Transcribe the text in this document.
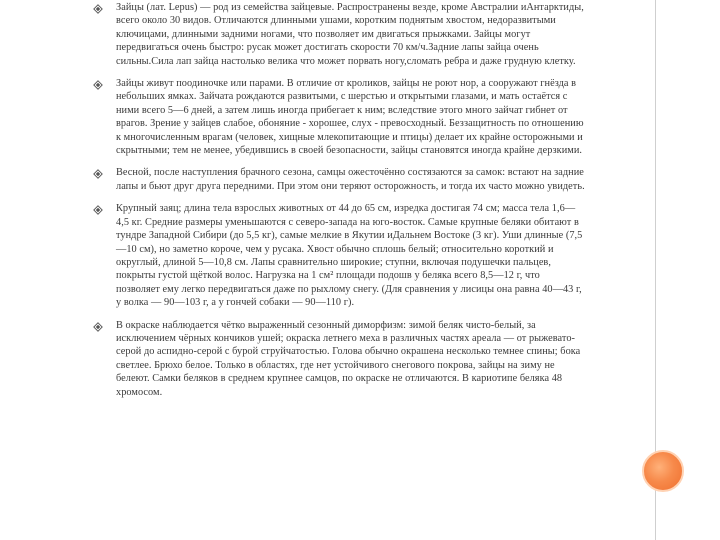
Зайцы (лат. Lepus) — род из семейства зайцевые. Распространены везде, кроме Австралии иАнтарктиды, всего около 30 видов. Отличаются длинными ушами, коротким поднятым хвостом, недоразвитыми ключицами, длинными задними ногами, что позволяет им двигаться прыжками. Зайцы могут передвигаться очень быстро: русак может достигать скорости 70 км/ч.Задние лапы зайца очень сильны.Сила лап зайца настолько велика что может порвать ногу,сломать ребра и даже грудную клетку.
Зайцы живут поодиночке или парами. В отличие от кроликов, зайцы не роют нор, а сооружают гнёзда в небольших ямках. Зайчата рождаются развитыми, с шерстью и открытыми глазами, и мать остаётся с ними всего 5—6 дней, а затем лишь иногда прибегает к ним; вследствие этого много зайчат гибнет от врагов. Зрение у зайцев слабое, обоняние - хорошее, слух - превосходный. Беззащитность по отношению к многочисленным врагам (человек, хищные млекопитающие и птицы) делает их крайне осторожными и скрытными; тем не менее, убедившись в своей безопасности, зайцы становятся иногда крайне дерзкими.
Весной, после наступления брачного сезона, самцы ожесточённо состязаются за самок: встают на задние лапы и бьют друг друга передними. При этом они теряют осторожность, и тогда их часто можно увидеть.
Крупный заяц; длина тела взрослых животных от 44 до 65 см, изредка достигая 74 см; масса тела 1,6—4,5 кг. Средние размеры уменьшаются с северо-запада на юго-восток. Самые крупные беляки обитают в тундре Западной Сибири (до 5,5 кг), самые мелкие в Якутии иДальнем Востоке (3 кг). Уши длинные (7,5—10 см), но заметно короче, чем у русака. Хвост обычно сплошь белый; относительно короткий и округлый, длиной 5—10,8 см. Лапы сравнительно широкие; ступни, включая подушечки пальцев, покрыты густой щёткой волос. Нагрузка на 1 см² площади подошв у беляка всего 8,5—12 г, что позволяет ему легко передвигаться даже по рыхлому снегу. (Для сравнения у лисицы она равна 40—43 г, у волка — 90—103 г, а у гончей собаки — 90—110 г).
В окраске наблюдается чётко выраженный сезонный диморфизм: зимой беляк чисто-белый, за исключением чёрных кончиков ушей; окраска летнего меха в различных частях ареала — от рыжевато-серой до аспидно-серой с бурой струйчатостью. Голова обычно окрашена несколько темнее спины; бока светлее. Брюхо белое. Только в областях, где нет устойчивого снегового покрова, зайцы на зиму не белеют. Самки беляков в среднем крупнее самцов, по окраске не отличаются. В кариотипе беляка 48 хромосом.
